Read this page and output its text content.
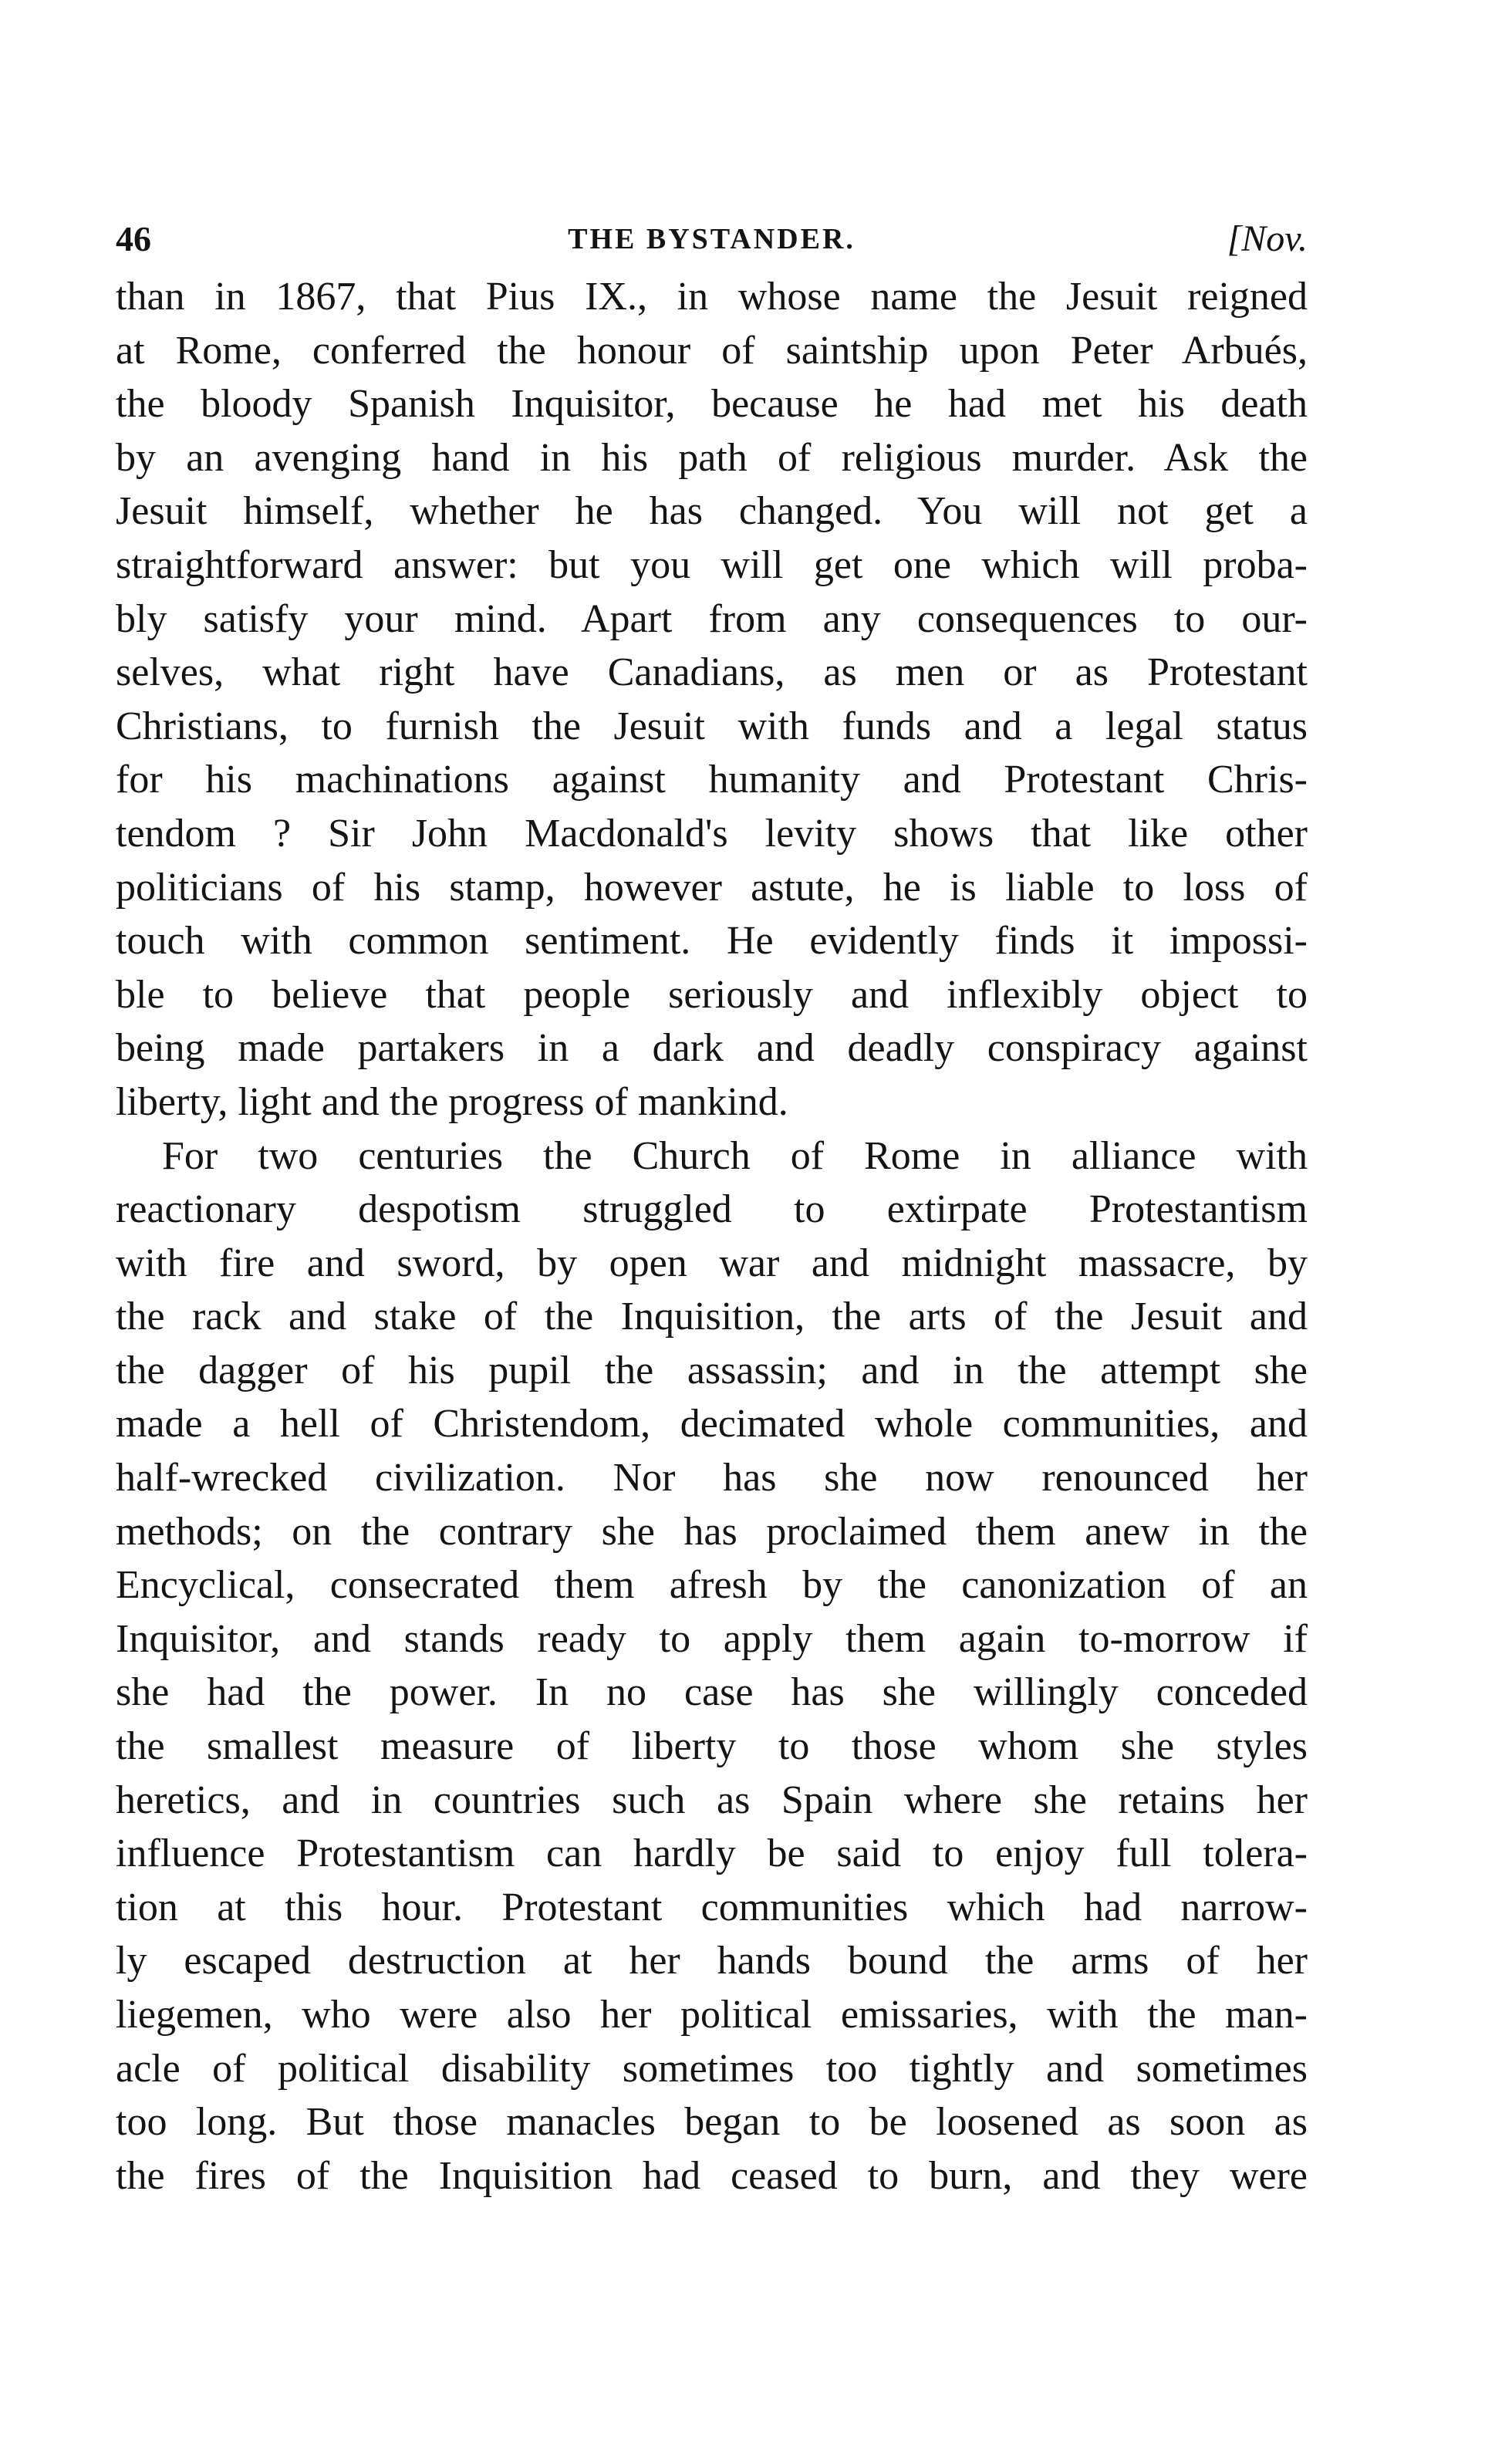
46	THE BYSTANDER.	[Nov.
than in 1867, that Pius IX., in whose name the Jesuit reigned
at Rome, conferred the honour of saintship upon Peter Arbués,
the bloody Spanish Inquisitor, because he had met his death
by an avenging hand in his path of religious murder. Ask the
Jesuit himself, whether he has changed. You will not get a
straightforward answer: but you will get one which will proba-
bly satisfy your mind. Apart from any consequences to our-
selves, what right have Canadians, as men or as Protestant
Christians, to furnish the Jesuit with funds and a legal status
for his machinations against humanity and Protestant Chris-
tendom ? Sir John Macdonald's levity shows that like other
politicians of his stamp, however astute, he is liable to loss of
touch with common sentiment. He evidently finds it impossi-
ble to believe that people seriously and inflexibly object to
being made partakers in a dark and deadly conspiracy against
liberty, light and the progress of mankind.
For two centuries the Church of Rome in alliance with
reactionary despotism struggled to extirpate Protestantism
with fire and sword, by open war and midnight massacre, by
the rack and stake of the Inquisition, the arts of the Jesuit and
the dagger of his pupil the assassin; and in the attempt she
made a hell of Christendom, decimated whole communities, and
half-wrecked civilization. Nor has she now renounced her
methods; on the contrary she has proclaimed them anew in the
Encyclical, consecrated them afresh by the canonization of an
Inquisitor, and stands ready to apply them again to-morrow if
she had the power. In no case has she willingly conceded
the smallest measure of liberty to those whom she styles
heretics, and in countries such as Spain where she retains her
influence Protestantism can hardly be said to enjoy full tolera-
tion at this hour. Protestant communities which had narrow-
ly escaped destruction at her hands bound the arms of her
liegemen, who were also her political emissaries, with the man-
acle of political disability sometimes too tightly and sometimes
too long. But those manacles began to be loosened as soon as
the fires of the Inquisition had ceased to burn, and they were
